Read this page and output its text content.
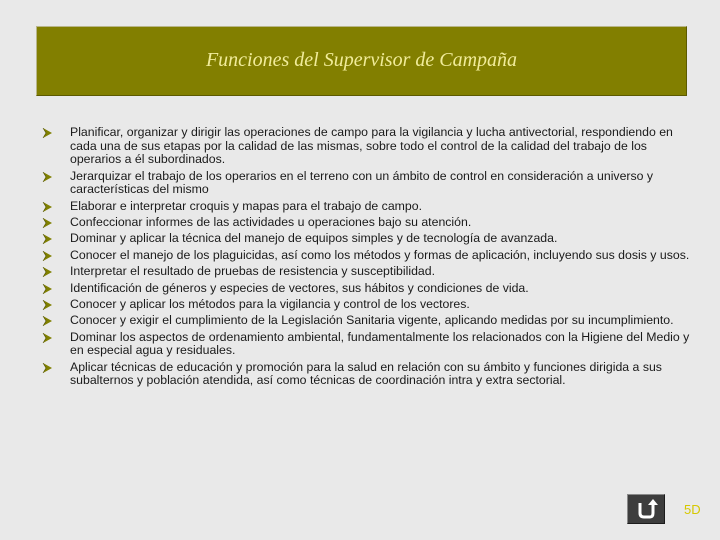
Funciones del Supervisor de Campaña
Planificar, organizar y dirigir las operaciones de campo para la vigilancia y lucha antivectorial, respondiendo en cada una de sus etapas por la calidad de las mismas, sobre todo el control de la calidad del trabajo de los operarios a él subordinados.
Jerarquizar el trabajo de los operarios en el terreno con un ámbito de control en consideración a universo y características del mismo
Elaborar e interpretar croquis y mapas para el trabajo de campo.
Confeccionar informes de las actividades u operaciones bajo su atención.
Dominar y aplicar la técnica del manejo de equipos simples y de tecnología de avanzada.
Conocer el manejo de los plaguicidas, así como los métodos y formas de aplicación, incluyendo sus dosis y usos.
Interpretar el resultado de pruebas de resistencia y susceptibilidad.
Identificación de géneros y especies de vectores, sus hábitos y condiciones de vida.
Conocer y aplicar los métodos para la vigilancia y control de los vectores.
Conocer y exigir el cumplimiento de la Legislación Sanitaria vigente, aplicando medidas por su incumplimiento.
Dominar los aspectos de ordenamiento ambiental, fundamentalmente los relacionados con la Higiene del Medio y en especial agua y residuales.
Aplicar técnicas de educación y promoción para la salud en relación con su ámbito y funciones dirigida a sus subalternos y población atendida, así como técnicas de coordinación intra y extra sectorial.
5D
